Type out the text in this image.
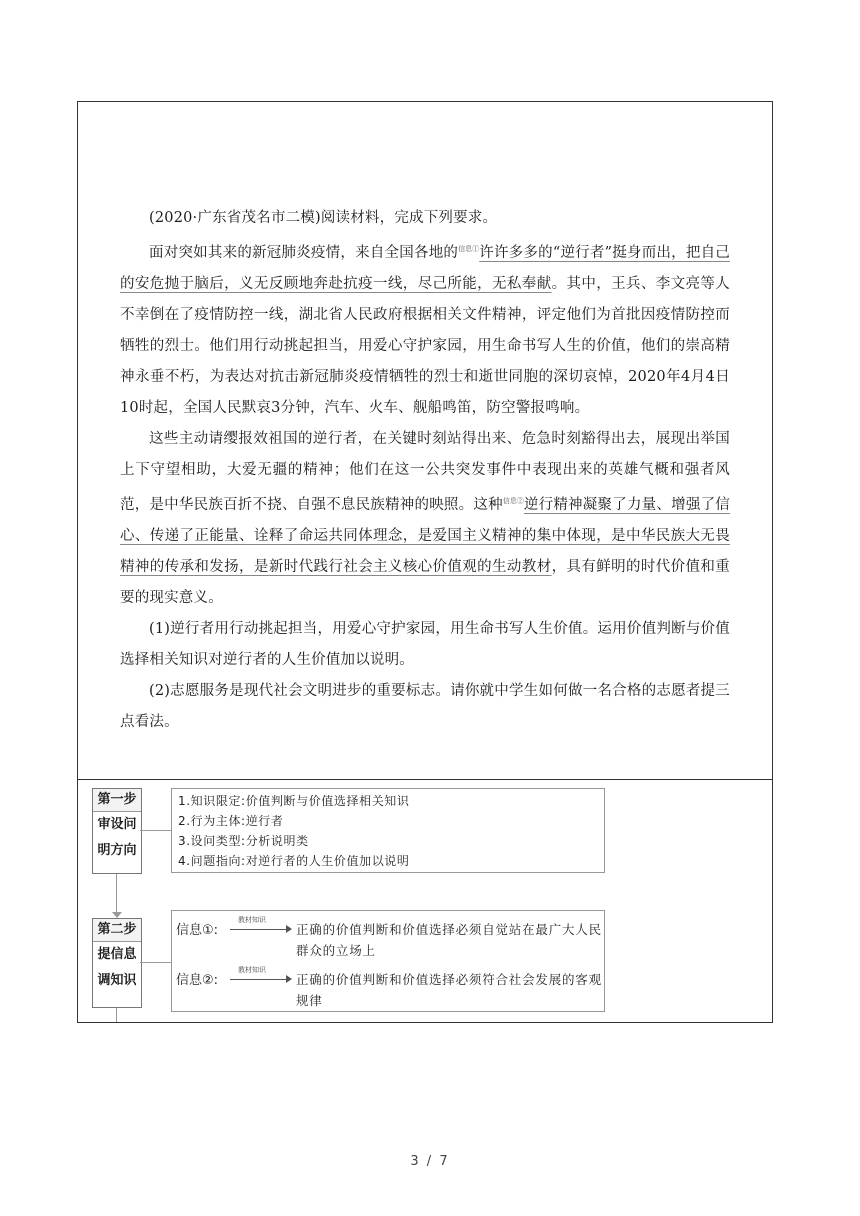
(2020·广东省茂名市二模)阅读材料，完成下列要求。

面对突如其来的新冠肺炎疫情，来自全国各地的$^{信息①}$许许多多的“逆行者”挺身而出，把自己的安危抛于脑后，义无反顾地奔赴抗疫一线，尽己所能，无私奉献。其中，王兵、李文亮等人不幸倒在了疫情防控一线，湖北省人民政府根据相关文件精神，评定他们为首批因疫情防控而牺牲的烈士。他们用行动挑起担当，用爱心守护家园，用生命书写人生的价值，他们的崇高精神永垂不朽，为表达对抗击新冠肺炎疫情牺牲的烈士和逝世同胞的深切哀悼，2020年4月4日10时起，全国人民默哀3分钟，汽车、火车、舰船鸣笛，防空警报鸣响。

这些主动请缨报效祖国的逆行者，在关键时刻站得出来、危急时刻豁得出去，展现出举国上下守望相助，大爱无疆的精神；他们在这一公共突发事件中表现出来的英雄气概和强者风范，是中华民族百折不挠、自强不息民族精神的映照。这种$^{信息②}$逆行精神凝聚了力量、增强了信心、传递了正能量、诠释了命运共同体理念，是爱国主义精神的集中体现，是中华民族大无畏精神的传承和发扬，是新时代践行社会主义核心价值观的生动教材，具有鲜明的时代价值和重要的现实意义。

(1)逆行者用行动挑起担当，用爱心守护家园，用生命书写人生价值。运用价值判断与价值选择相关知识对逆行者的人生价值加以说明。

(2)志愿服务是现代社会文明进步的重要标志。请你就中学生如何做一名合格的志愿者提三点看法。

第一步
审设问
明方向
1.知识限定:价值判断与价值选择相关知识
2.行为主体:逆行者
3.设问类型:分析说明类
4.问题指向:对逆行者的人生价值加以说明
第二步
提信息
调知识
信息①:
教材知识
正确的价值判断和价值选择必须自觉站在最广大人民群众的立场上
信息②:
教材知识
正确的价值判断和价值选择必须符合社会发展的客观规律
3 / 7
